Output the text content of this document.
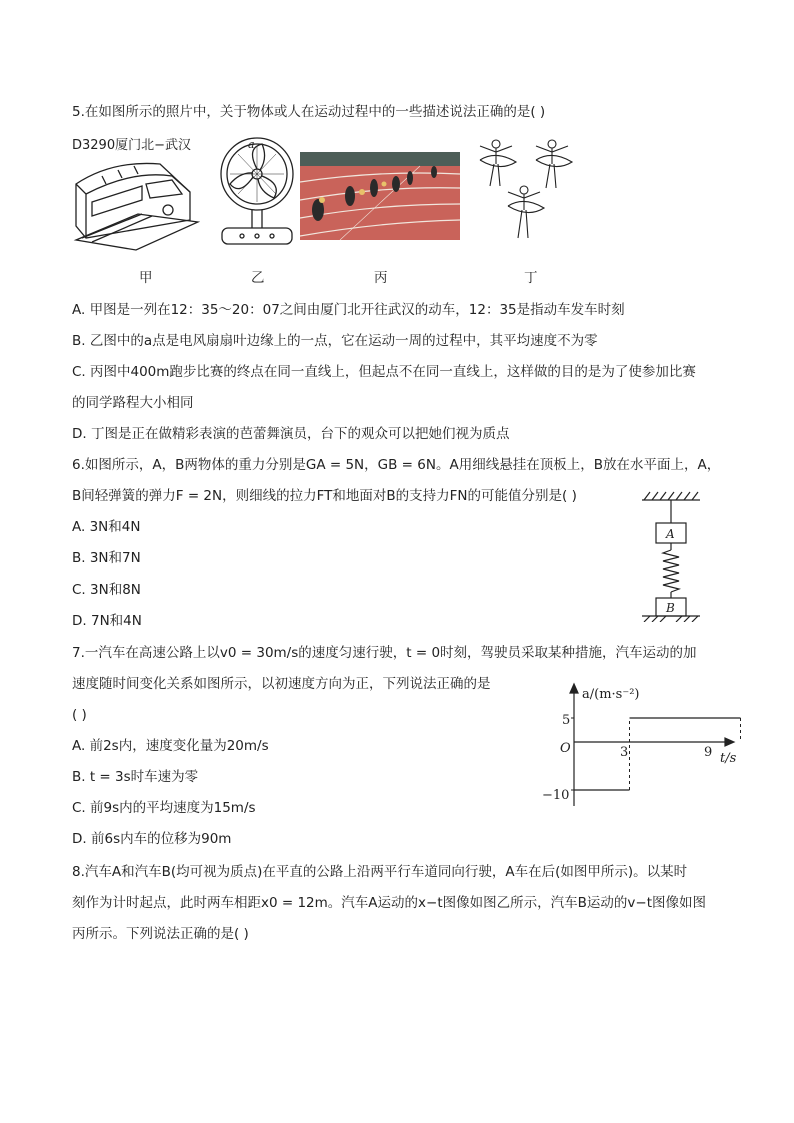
5.在如图所示的照片中，关于物体或人在运动过程中的一些描述说法正确的是( )
D3290厦门北−武汉	a
甲	乙	丙	丁
A. 甲图是一列在12：35～20：07之间由厦门北开往武汉的动车，12：35是指动车发车时刻
B. 乙图中的a点是电风扇扇叶边缘上的一点，它在运动一周的过程中，其平均速度不为零
C. 丙图中400m跑步比赛的终点在同一直线上，但起点不在同一直线上，这样做的目的是为了使参加比赛
的同学路程大小相同
D. 丁图是正在做精彩表演的芭蕾舞演员，台下的观众可以把她们视为质点
6.如图所示，A，B两物体的重力分别是GA = 5N，GB = 6N。A用细线悬挂在顶板上，B放在水平面上，A，
B间轻弹簧的弹力F = 2N，则细线的拉力FT和地面对B的支持力FN的可能值分别是( )
A. 3N和4N
B. 3N和7N
C. 3N和8N
D. 7N和4N
A
B
7.一汽车在高速公路上以v0 = 30m/s的速度匀速行驶，t = 0时刻，驾驶员采取某种措施，汽车运动的加
速度随时间变化关系如图所示，以初速度方向为正，下列说法正确的是
( )
A. 前2s内，速度变化量为20m/s
B. t = 3s时车速为零
C. 前9s内的平均速度为15m/s
D. 前6s内车的位移为90m
a/(m·s⁻²)
t/s
O
5
−10
3	9
8.汽车A和汽车B(均可视为质点)在平直的公路上沿两平行车道同向行驶，A车在后(如图甲所示)。以某时
刻作为计时起点，此时两车相距x0 = 12m。汽车A运动的x−t图像如图乙所示，汽车B运动的v−t图像如图
丙所示。下列说法正确的是( )
